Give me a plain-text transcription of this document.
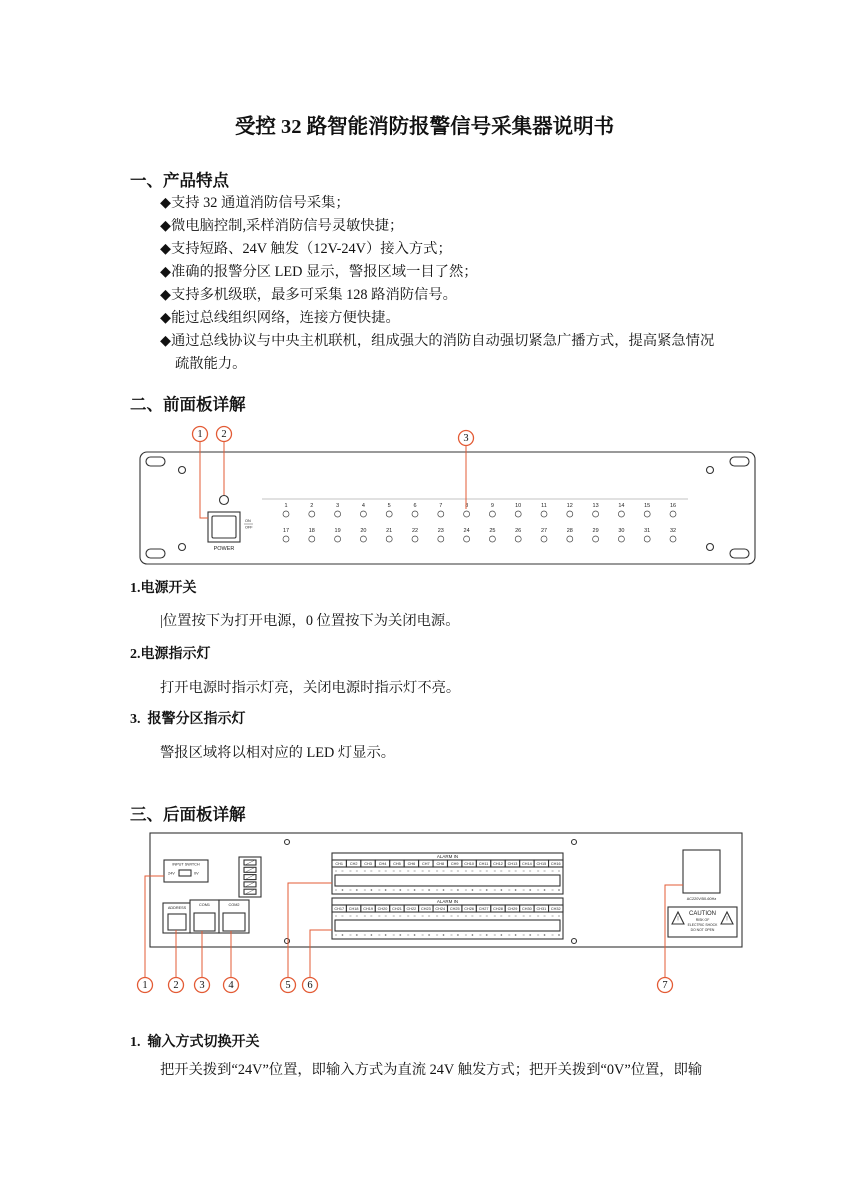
受控 32 路智能消防报警信号采集器说明书
一、产品特点
◆支持 32 通道消防信号采集；
◆微电脑控制,采样消防信号灵敏快捷；
◆支持短路、24V 触发（12V-24V）接入方式；
◆准确的报警分区 LED 显示，警报区域一目了然；
◆支持多机级联，最多可采集 128 路消防信号。
◆能过总线组织网络，连接方便快捷。
◆通过总线协议与中央主机联机，组成强大的消防自动强切紧急广播方式，提高紧急情况疏散能力。
二、前面板详解
POWER
ON
OFF
1	2	3	4	5	6	7	8	9	10	11	12	13	14	15	16
17	18	19	20	21	22	23	24	25	26	27	28	29	30	31	32
1 2	3
1.电源开关
|位置按下为打开电源，0 位置按下为关闭电源。
2.电源指示灯
打开电源时指示灯亮，关闭电源时指示灯不亮。
3.  报警分区指示灯
警报区域将以相对应的 LED 灯显示。
三、后面板详解
INPUT SWITCH
24V	0V
ADDRESS
COM1	COM2
ALARM IN
CH1 CH2 CH3 CH4 CH5 CH6 CH7 CH8 CH9 CH10 CH11 CH12 CH13 CH14 CH15 CH16
ALARM IN
CH17 CH18 CH19 CH20 CH21 CH22 CH23 CH24 CH25 CH26 CH27 CH28 CH29 CH30 CH31 CH32
AC220V/50-60Hz
CAUTION
RISK OF
ELECTRIC SHOCK
DO NOT OPEN
1 2 3 4	5 6	7
1.  输入方式切换开关
把开关拨到“24V”位置，即输入方式为直流 24V 触发方式；把开关拨到“0V”位置，即输
